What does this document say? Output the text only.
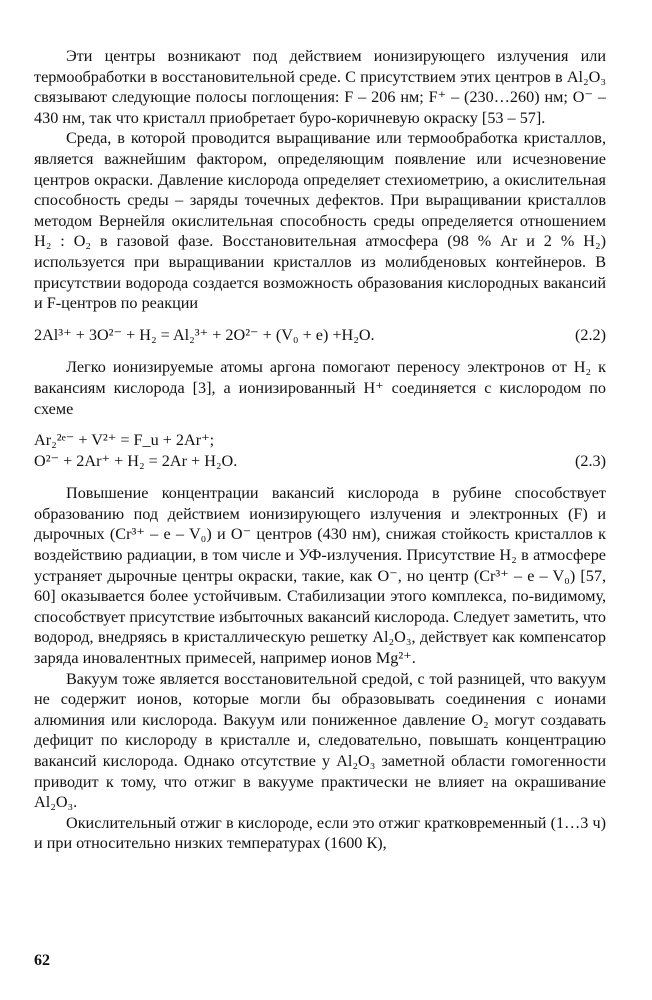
Эти центры возникают под действием ионизирующего излучения или термообработки в восстановительной среде. С присутствием этих центров в Al₂O₃ связывают следующие полосы поглощения: F – 206 нм; F⁺ – (230…260) нм; O⁻ – 430 нм, так что кристалл приобретает буро-коричневую окраску [53 – 57].

Среда, в которой проводится выращивание или термообработка кристаллов, является важнейшим фактором, определяющим появление или исчезновение центров окраски. Давление кислорода определяет стехиометрию, а окислительная способность среды – заряды точечных дефектов. При выращивании кристаллов методом Вернейля окислительная способность среды определяется отношением H₂ : O₂ в газовой фазе. Восстановительная атмосфера (98 % Ar и 2 % H₂) используется при выращивании кристаллов из молибденовых контейнеров. В присутствии водорода создается возможность образования кислородных вакансий и F-центров по реакции

2Al³⁺ + 3O²⁻ + H₂ = Al₂³⁺ + 2O²⁻ + (V₀ + e) +H₂O.	(2.2)

Легко ионизируемые атомы аргона помогают переносу электронов от H₂ к вакансиям кислорода [3], а ионизированный H⁺ соединяется с кислородом по схеме

Ar₂²ᵉ⁻ + V²⁺ = F_u + 2Ar⁺;
O²⁻ + 2Ar⁺ + H₂ = 2Ar + H₂O.	(2.3)

Повышение концентрации вакансий кислорода в рубине способствует образованию под действием ионизирующего излучения и электронных (F) и дырочных (Cr³⁺ – e – V₀) и O⁻ центров (430 нм), снижая стойкость кристаллов к воздействию радиации, в том числе и УФ-излучения. Присутствие H₂ в атмосфере устраняет дырочные центры окраски, такие, как O⁻, но центр (Cr³⁺ – e – V₀) [57, 60] оказывается более устойчивым. Стабилизации этого комплекса, по-видимому, способствует присутствие избыточных вакансий кислорода. Следует заметить, что водород, внедряясь в кристаллическую решетку Al₂O₃, действует как компенсатор заряда иновалентных примесей, например ионов Mg²⁺.

Вакуум тоже является восстановительной средой, с той разницей, что вакуум не содержит ионов, которые могли бы образовывать соединения с ионами алюминия или кислорода. Вакуум или пониженное давление O₂ могут создавать дефицит по кислороду в кристалле и, следовательно, повышать концентрацию вакансий кислорода. Однако отсутствие у Al₂O₃ заметной области гомогенности приводит к тому, что отжиг в вакууме практически не влияет на окрашивание Al₂O₃.

Окислительный отжиг в кислороде, если это отжиг кратковременный (1…3 ч) и при относительно низких температурах (1600 К),

62
